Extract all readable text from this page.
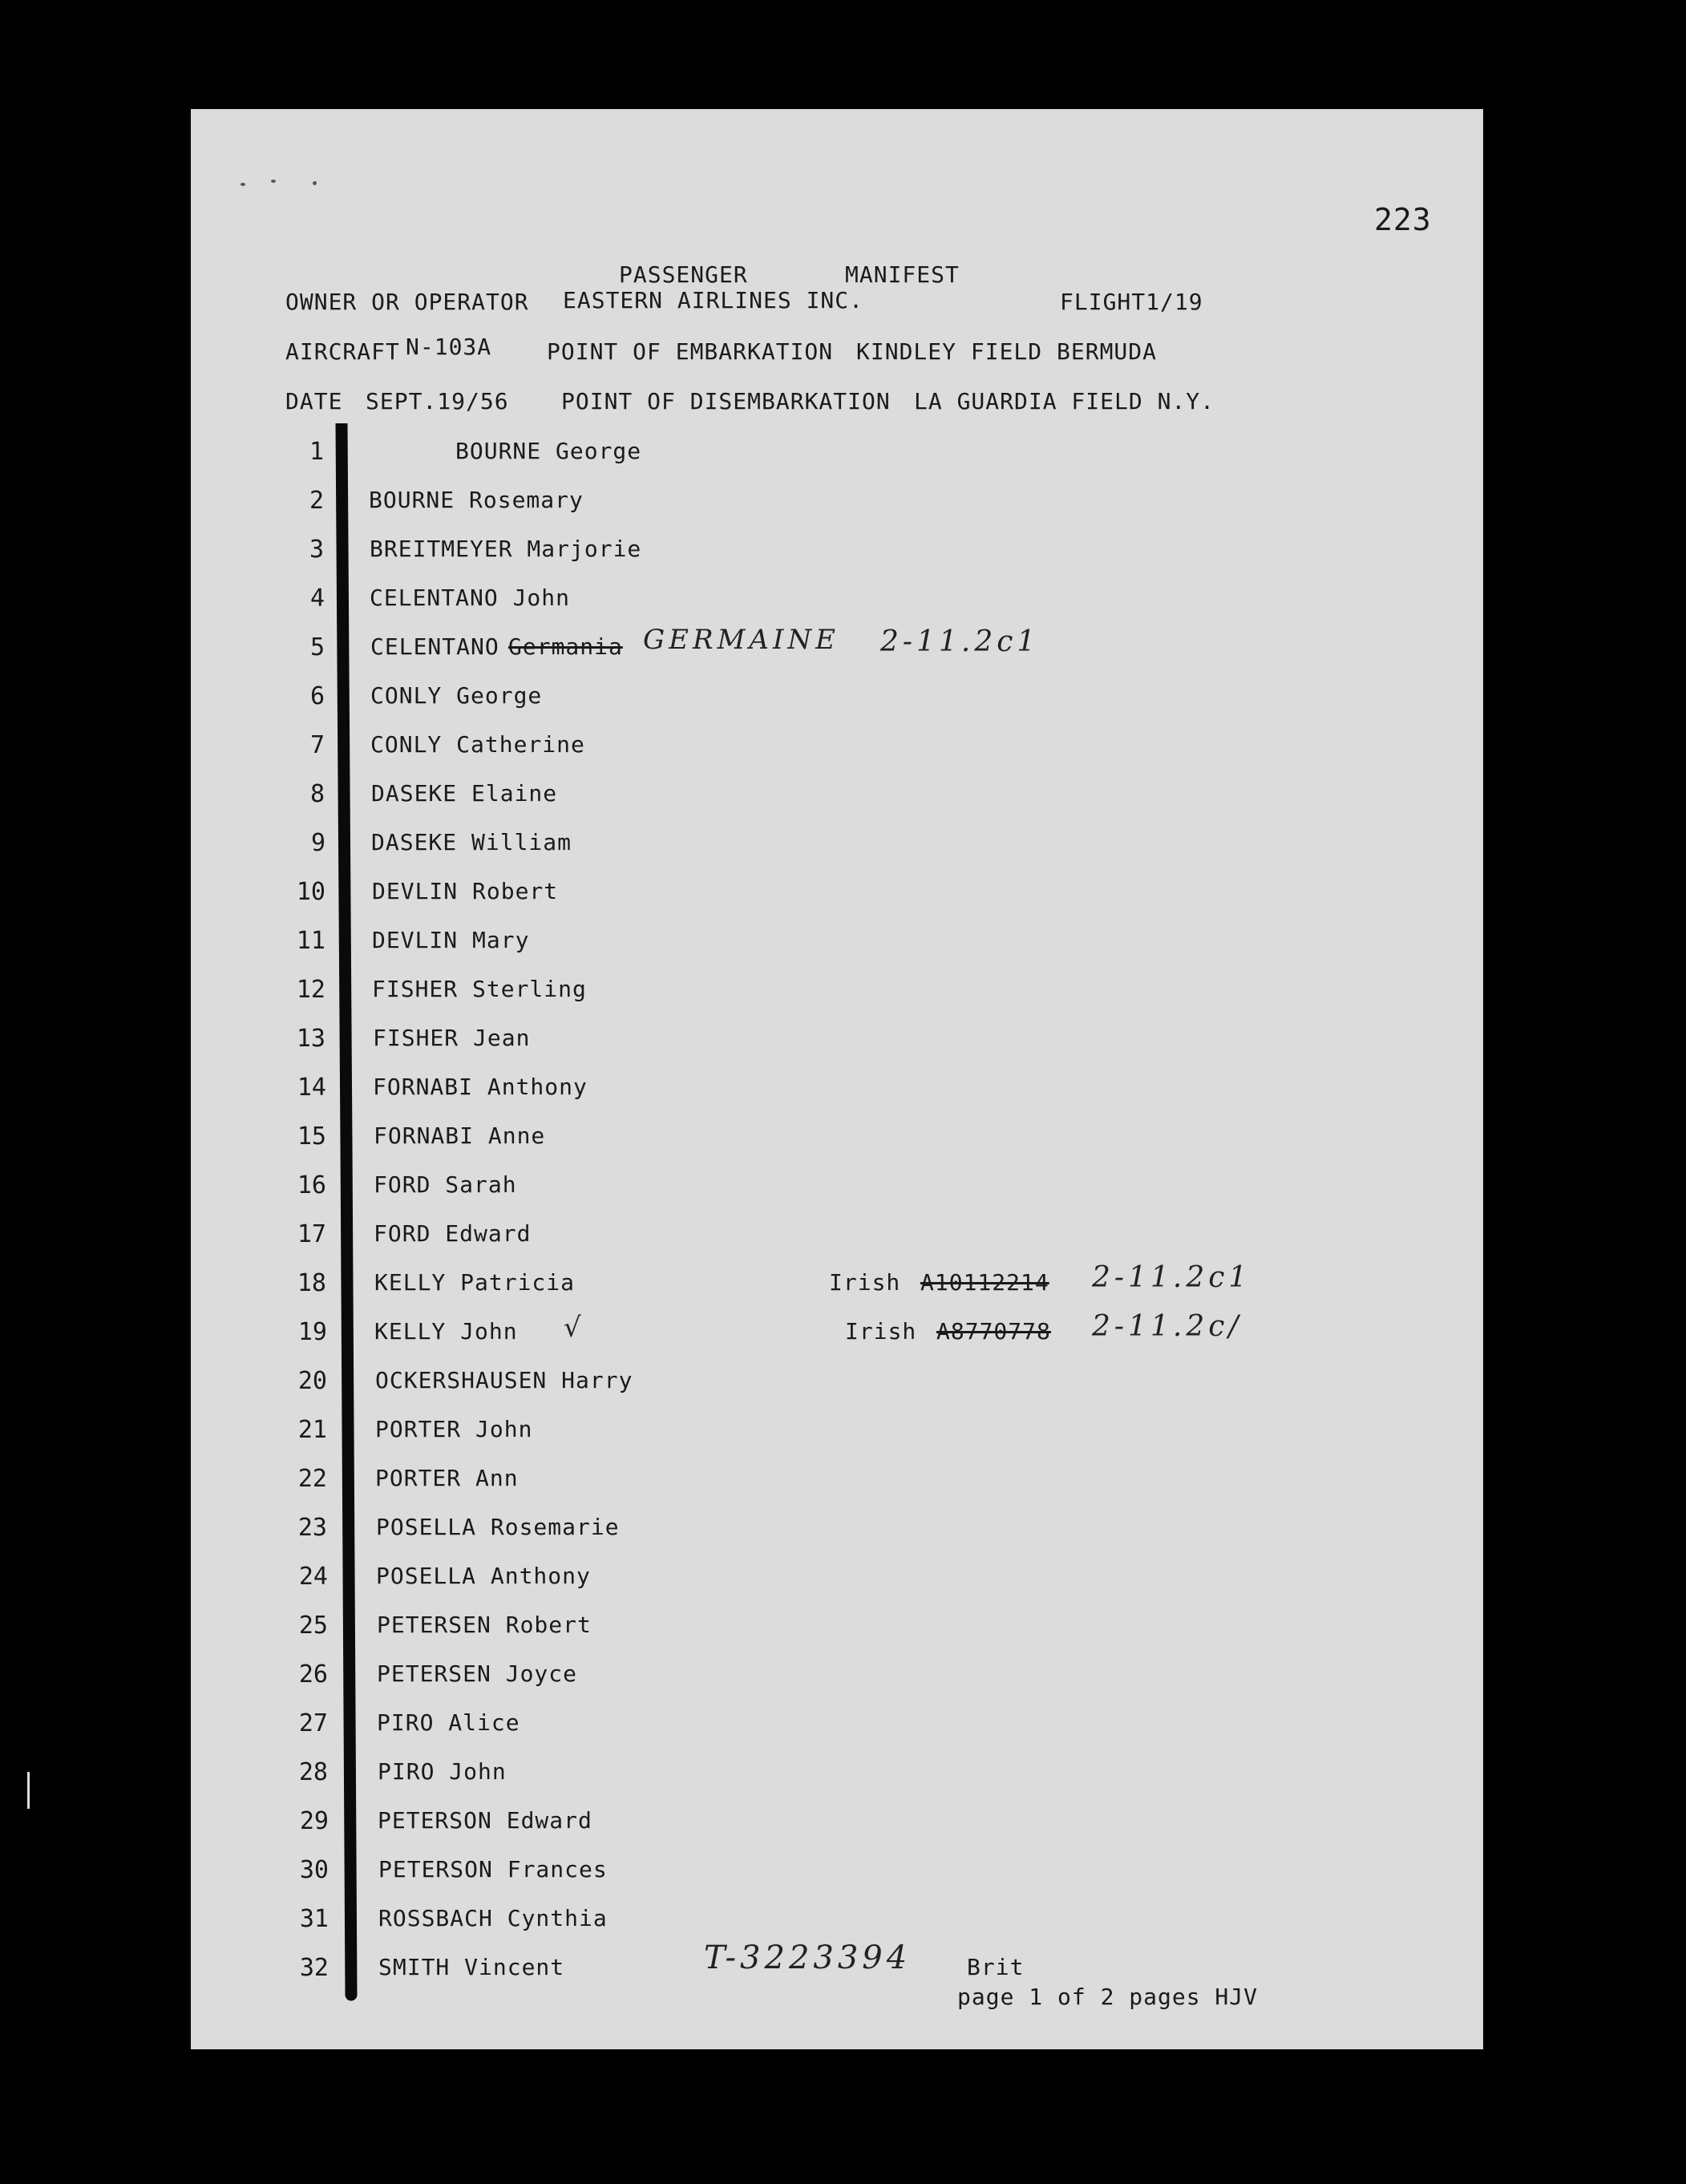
223
PASSENGER	MANIFEST
OWNER OR OPERATOR EASTERN AIRLINES INC.	FLIGHT1/19
AIRCRAFT N-103A POINT OF EMBARKATION KINDLEY FIELD BERMUDA
DATE SEPT.19/56 POINT OF DISEMBARKATION LA GUARDIA FIELD N.Y.
page 1 of 2 pages HJV
1	BOURNE George
2 BOURNE Rosemary
3 BREITMEYER Marjorie
4 CELENTANO John
5 CELENTANO Germania GERMAINE 2-11.2c1
6 CONLY George
7 CONLY Catherine
8 DASEKE Elaine
9 DASEKE William
10 DEVLIN Robert
11 DEVLIN Mary
12 FISHER Sterling
13 FISHER Jean
14 FORNABI Anthony
15 FORNABI Anne
16 FORD Sarah
17 FORD Edward
18 KELLY Patricia	Irish A10112214 2-11.2c1
19 KELLY John √	Irish A8770778 2-11.2c/
20 OCKERSHAUSEN Harry
21 PORTER John
22 PORTER Ann
23 POSELLA Rosemarie
24 POSELLA Anthony
25 PETERSEN Robert
26 PETERSEN Joyce
27 PIRO Alice
28 PIRO John
29 PETERSON Edward
30 PETERSON Frances
31 ROSSBACH Cynthia
32 SMITH Vincent	Brit
T-3223394
